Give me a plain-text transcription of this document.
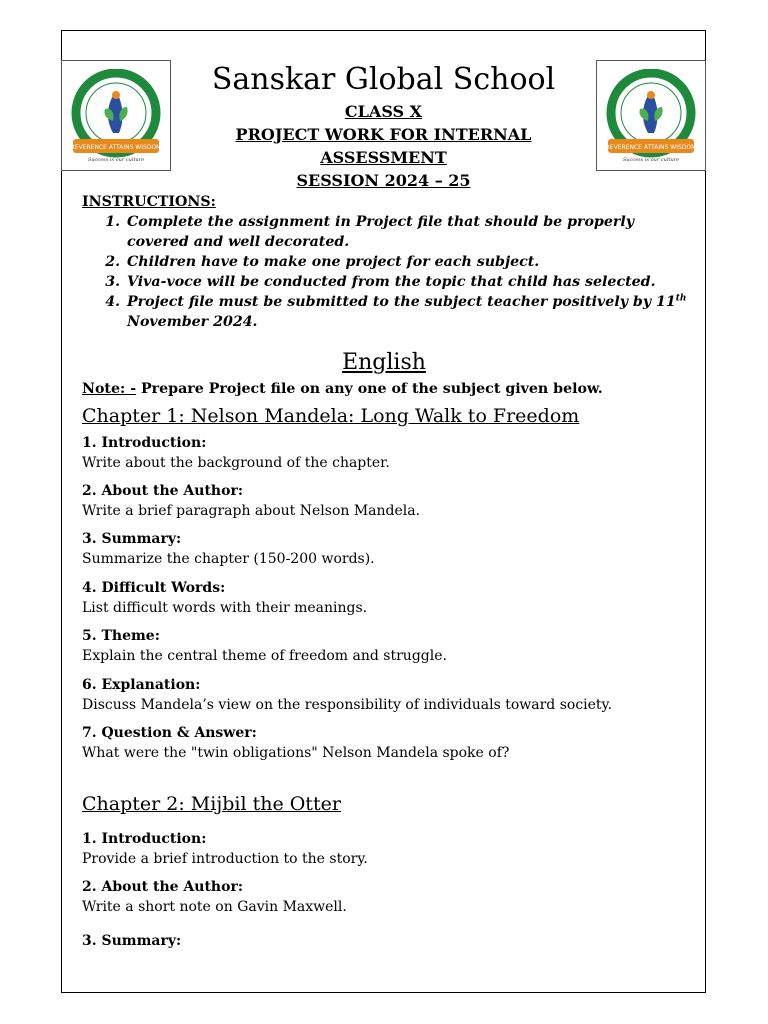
REVERENCE ATTAINS WISDOM
Success is our culture
Sanskar Global School
CLASS X
PROJECT WORK FOR INTERNAL ASSESSMENT
SESSION 2024 – 25
REVERENCE ATTAINS WISDOM
Success is our culture
INSTRUCTIONS:
1. Complete the assignment in Project file that should be properly covered and well decorated.
2. Children have to make one project for each subject.
3. Viva-voce will be conducted from the topic that child has selected.
4. Project file must be submitted to the subject teacher positively by 11th November 2024.
English
Note: - Prepare Project file on any one of the subject given below.
Chapter 1: Nelson Mandela: Long Walk to Freedom
1. Introduction:
Write about the background of the chapter.
2. About the Author:
Write a brief paragraph about Nelson Mandela.
3. Summary:
Summarize the chapter (150-200 words).
4. Difficult Words:
List difficult words with their meanings.
5. Theme:
Explain the central theme of freedom and struggle.
6. Explanation:
Discuss Mandela’s view on the responsibility of individuals toward society.
7. Question & Answer:
What were the "twin obligations" Nelson Mandela spoke of?
Chapter 2: Mijbil the Otter
1. Introduction:
Provide a brief introduction to the story.
2. About the Author:
Write a short note on Gavin Maxwell.
3. Summary:
